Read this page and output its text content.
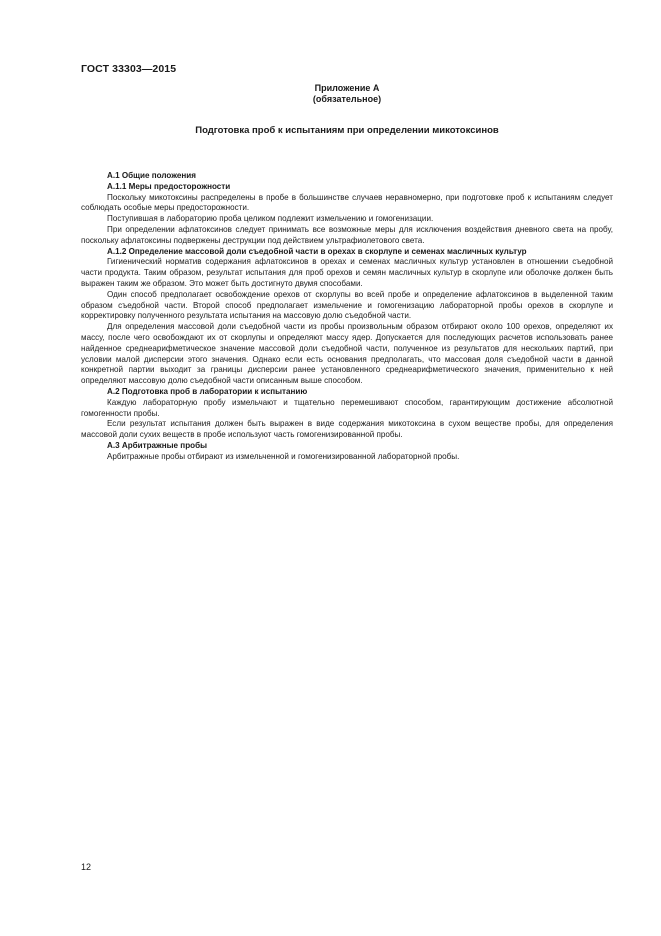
ГОСТ 33303—2015
Приложение А
(обязательное)
Подготовка проб к испытаниям при определении микотоксинов
А.1 Общие положения
А.1.1 Меры предосторожности

Поскольку микотоксины распределены в пробе в большинстве случаев неравномерно, при подготовке проб к испытаниям следует соблюдать особые меры предосторожности.

Поступившая в лабораторию проба целиком подлежит измельчению и гомогенизации.

При определении афлатоксинов следует принимать все возможные меры для исключения воздействия дневного света на пробу, поскольку афлатоксины подвержены деструкции под действием ультрафиолетового света.

А.1.2 Определение массовой доли съедобной части в орехах в скорлупе и семенах масличных культур

Гигиенический норматив содержания афлатоксинов в орехах и семенах масличных культур установлен в отношении съедобной части продукта. Таким образом, результат испытания для проб орехов и семян масличных культур в скорлупе или оболочке должен быть выражен таким же образом. Это может быть достигнуто двумя способами.

Один способ предполагает освобождение орехов от скорлупы во всей пробе и определение афлатоксинов в выделенной таким образом съедобной части. Второй способ предполагает измельчение и гомогенизацию лабораторной пробы орехов в скорлупе и корректировку полученного результата испытания на массовую долю съедобной части.

Для определения массовой доли съедобной части из пробы произвольным образом отбирают около 100 орехов, определяют их массу, после чего освобождают их от скорлупы и определяют массу ядер. Допускается для последующих расчетов использовать ранее найденное среднеарифметическое значение массовой доли съедобной части, полученное из результатов для нескольких партий, при условии малой дисперсии этого значения. Однако если есть основания предполагать, что массовая доля съедобной части в данной конкретной партии выходит за границы дисперсии ранее установленного среднеарифметического значения, применительно к ней определяют массовую долю съедобной части описанным выше способом.

А.2 Подготовка проб в лаборатории к испытанию

Каждую лабораторную пробу измельчают и тщательно перемешивают способом, гарантирующим достижение абсолютной гомогенности пробы.

Если результат испытания должен быть выражен в виде содержания микотоксина в сухом веществе пробы, для определения массовой доли сухих веществ в пробе используют часть гомогенизированной пробы.

А.3 Арбитражные пробы

Арбитражные пробы отбирают из измельченной и гомогенизированной лабораторной пробы.

12
